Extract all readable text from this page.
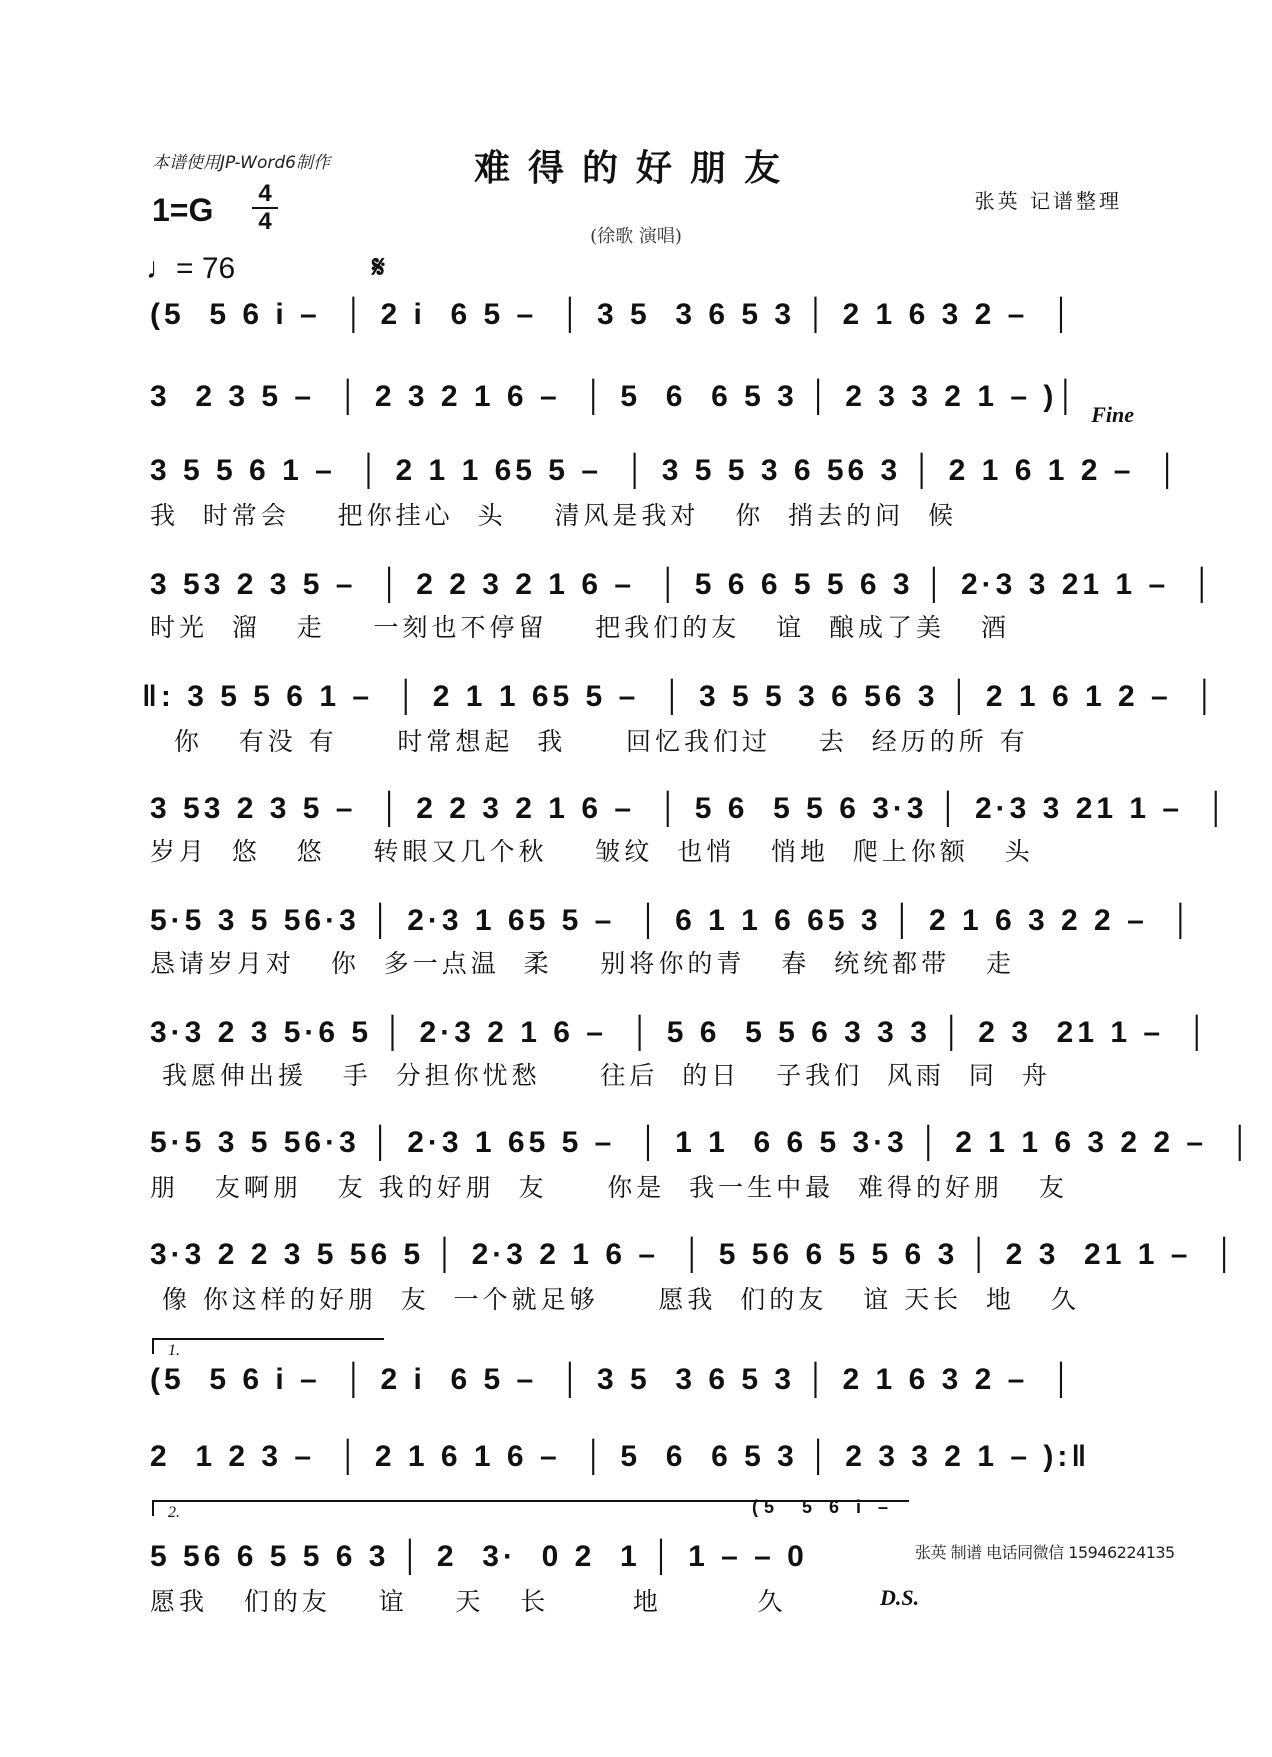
本谱使用JP-Word6制作	难得的好朋友
张英 记谱整理
(徐歌 演唱)
1=G 4
4
♩= 76	𝄋
(5  5 6 i –  │ 2 i  6 5 –  │ 3 5  3 6 5 3 │ 2 1 6 3 2 –  │
3  2 3 5 –  │ 2 3 2 1 6 –  │ 5  6  6 5 3 │ 2 3 3 2 1 – )│
Fine
3 5 5 6 1 –  │ 2 1 1 65 5 –  │ 3 5 5 3 6 56 3 │ 2 1 6 1 2 –  │
我  时常会    把你挂心  头    清风是我对   你  捎去的问  候
3 53 2 3 5 –  │ 2 2 3 2 1 6 –  │ 5 6 6 5 5 6 3 │ 2·3 3 21 1 –  │
时光  溜   走    一刻也不停留    把我们的友   谊  酿成了美   酒
‖: 3 5 5 6 1 –  │ 2 1 1 65 5 –  │ 3 5 5 3 6 56 3 │ 2 1 6 1 2 –  │
你   有没 有     时常想起  我     回忆我们过    去  经历的所 有
3 53 2 3 5 –  │ 2 2 3 2 1 6 –  │ 5 6  5 5 6 3·3 │ 2·3 3 21 1 –  │
岁月  悠   悠    转眼又几个秋    皱纹  也悄   悄地  爬上你额   头
5·5 3 5 56·3 │ 2·3 1 65 5 –  │ 6 1 1 6 65 3 │ 2 1 6 3 2 2 –  │
恳请岁月对   你  多一点温  柔    别将你的青   春  统统都带   走
3·3 2 3 5·6 5 │ 2·3 2 1 6 –  │ 5 6  5 5 6 3 3 3 │ 2 3  21 1 –  │
我愿伸出援   手  分担你忧愁     往后  的日   子我们  风雨  同  舟
5·5 3 5 56·3 │ 2·3 1 65 5 –  │ 1 1  6 6 5 3·3 │ 2 1 1 6 3 2 2 –  │
朋   友啊朋   友 我的好朋  友     你是  我一生中最  难得的好朋   友
3·3 2 2 3 5 56 5 │ 2·3 2 1 6 –  │ 5 56 6 5 5 6 3 │ 2 3  21 1 –  │
像 你这样的好朋  友  一个就足够     愿我  们的友   谊 天长  地   久
1.
(5  5 6 i –  │ 2 i  6 5 –  │ 3 5  3 6 5 3 │ 2 1 6 3 2 –  │
2  1 2 3 –  │ 2 1 6 1 6 –  │ 5  6  6 5 3 │ 2 3 3 2 1 – ):‖
2.	(5  5 6 i –
5 56 6 5 5 6 3 │ 2  3·  0 2  1 │ 1 – – 0
愿我   们的友    谊    天   长       地        久
张英 制谱 电话同微信 15946224135
D.S.
